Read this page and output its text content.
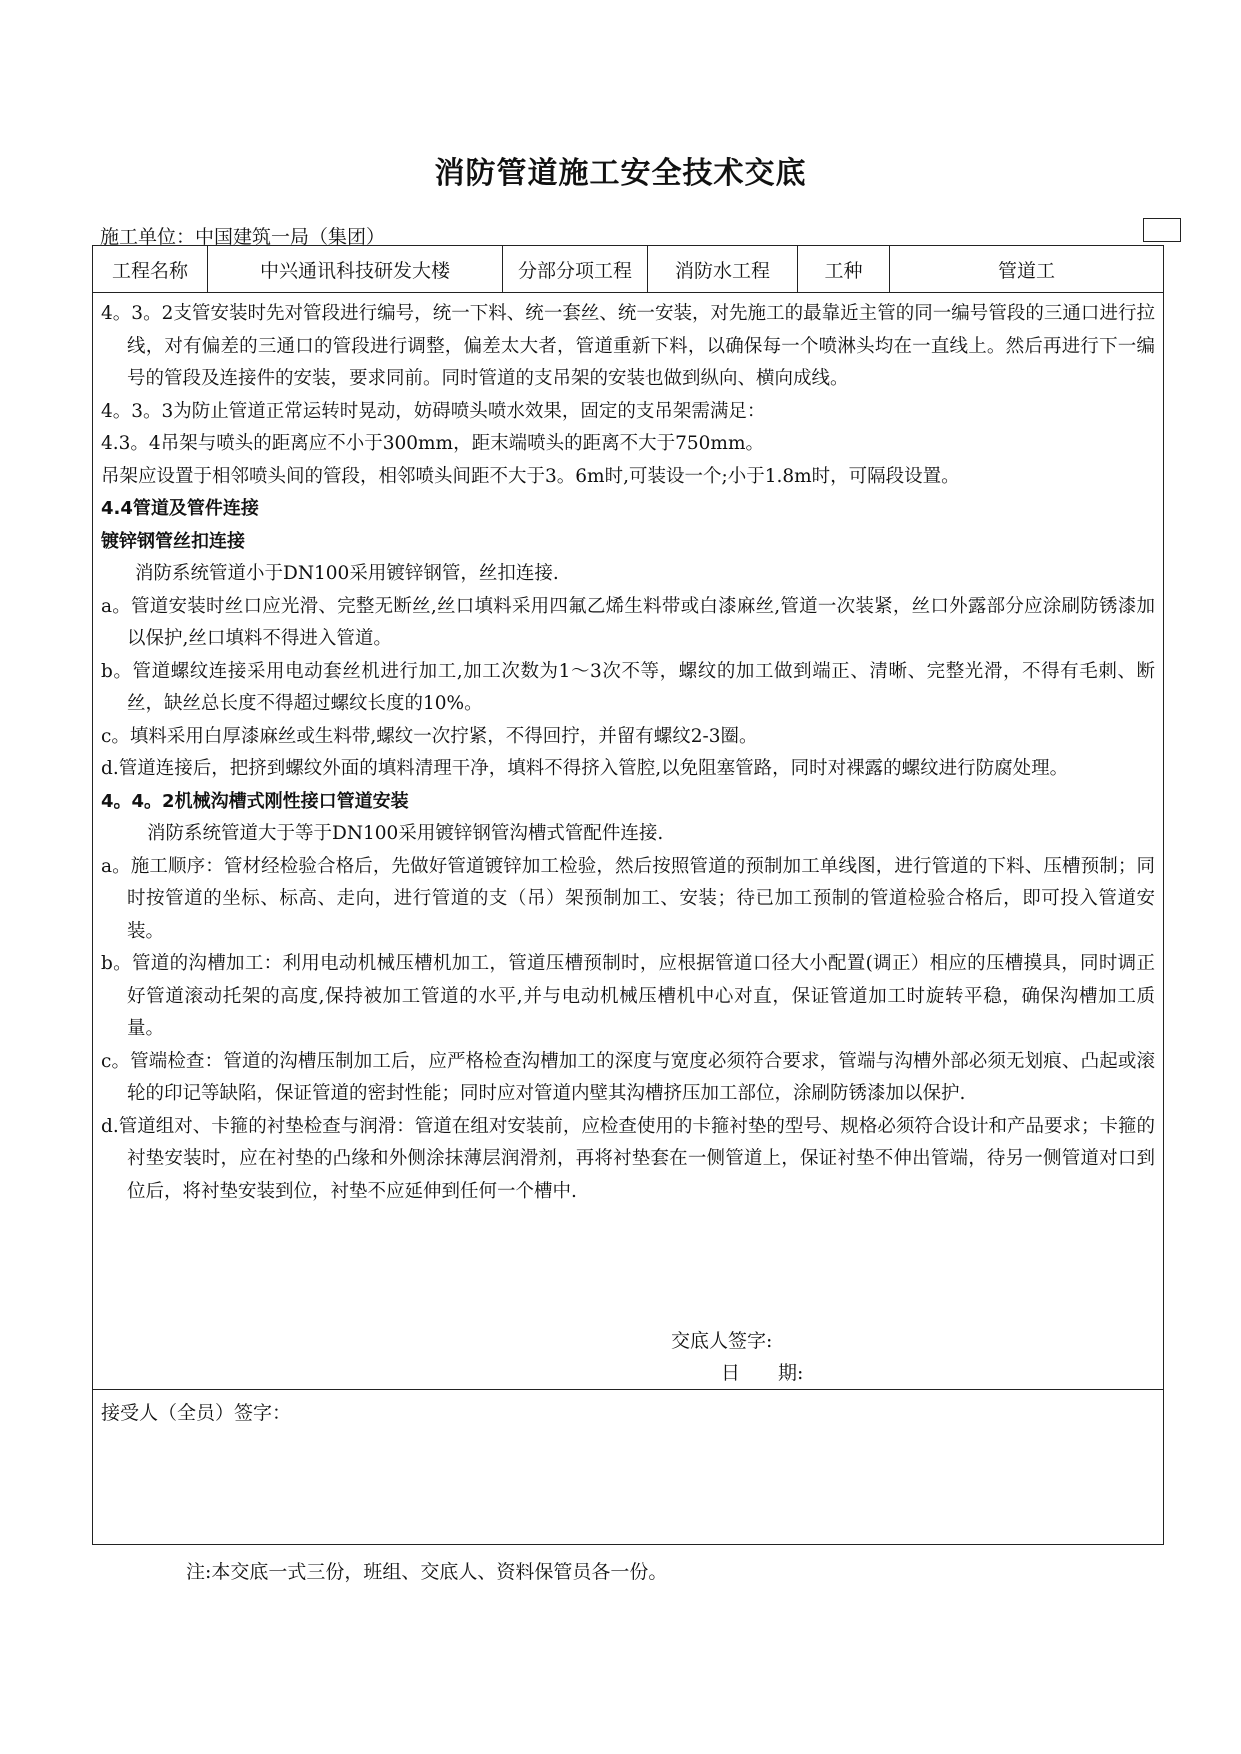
消防管道施工安全技术交底
施工单位：中国建筑一局（集团）
工程名称	中兴通讯科技研发大楼	分部分项工程	消防水工程	工种	管道工

4。3。2支管安装时先对管段进行编号，统一下料、统一套丝、统一安装，对先施工的最靠近主管的同一编号管段的三通口进行拉线，对有偏差的三通口的管段进行调整，偏差太大者，管道重新下料，以确保每一个喷淋头均在一直线上。然后再进行下一编号的管段及连接件的安装，要求同前。同时管道的支吊架的安装也做到纵向、横向成线。

4。3。3为防止管道正常运转时晃动，妨碍喷头喷水效果，固定的支吊架需满足：

4.3。4吊架与喷头的距离应不小于300mm，距末端喷头的距离不大于750mm。

吊架应设置于相邻喷头间的管段，相邻喷头间距不大于3。6m时,可装设一个;小于1.8m时，可隔段设置。

4.4管道及管件连接

镀锌钢管丝扣连接

消防系统管道小于DN100采用镀锌钢管，丝扣连接.

a。管道安装时丝口应光滑、完整无断丝,丝口填料采用四氟乙烯生料带或白漆麻丝,管道一次装紧，丝口外露部分应涂刷防锈漆加以保护,丝口填料不得进入管道。

b。管道螺纹连接采用电动套丝机进行加工,加工次数为1～3次不等，螺纹的加工做到端正、清晰、完整光滑，不得有毛刺、断丝，缺丝总长度不得超过螺纹长度的10%。

c。填料采用白厚漆麻丝或生料带,螺纹一次拧紧，不得回拧，并留有螺纹2-3圈。

d.管道连接后，把挤到螺纹外面的填料清理干净，填料不得挤入管腔,以免阻塞管路，同时对裸露的螺纹进行防腐处理。

4。4。2机械沟槽式刚性接口管道安装

消防系统管道大于等于DN100采用镀锌钢管沟槽式管配件连接.

a。施工顺序：管材经检验合格后，先做好管道镀锌加工检验，然后按照管道的预制加工单线图，进行管道的下料、压槽预制；同时按管道的坐标、标高、走向，进行管道的支（吊）架预制加工、安装；待已加工预制的管道检验合格后，即可投入管道安装。

b。管道的沟槽加工：利用电动机械压槽机加工，管道压槽预制时，应根据管道口径大小配置(调正）相应的压槽摸具，同时调正好管道滚动托架的高度,保持被加工管道的水平,并与电动机械压槽机中心对直，保证管道加工时旋转平稳，确保沟槽加工质量。

c。管端检查：管道的沟槽压制加工后，应严格检查沟槽加工的深度与宽度必须符合要求，管端与沟槽外部必须无划痕、凸起或滚轮的印记等缺陷，保证管道的密封性能；同时应对管道内壁其沟槽挤压加工部位，涂刷防锈漆加以保护.

d.管道组对、卡箍的衬垫检查与润滑：管道在组对安装前，应检查使用的卡箍衬垫的型号、规格必须符合设计和产品要求；卡箍的衬垫安装时，应在衬垫的凸缘和外侧涂抹薄层润滑剂，再将衬垫套在一侧管道上，保证衬垫不伸出管端，待另一侧管道对口到位后，将衬垫安装到位，衬垫不应延伸到任何一个槽中.

交底人签字:
日　　期:
接受人（全员）签字：
注:本交底一式三份，班组、交底人、资料保管员各一份。
